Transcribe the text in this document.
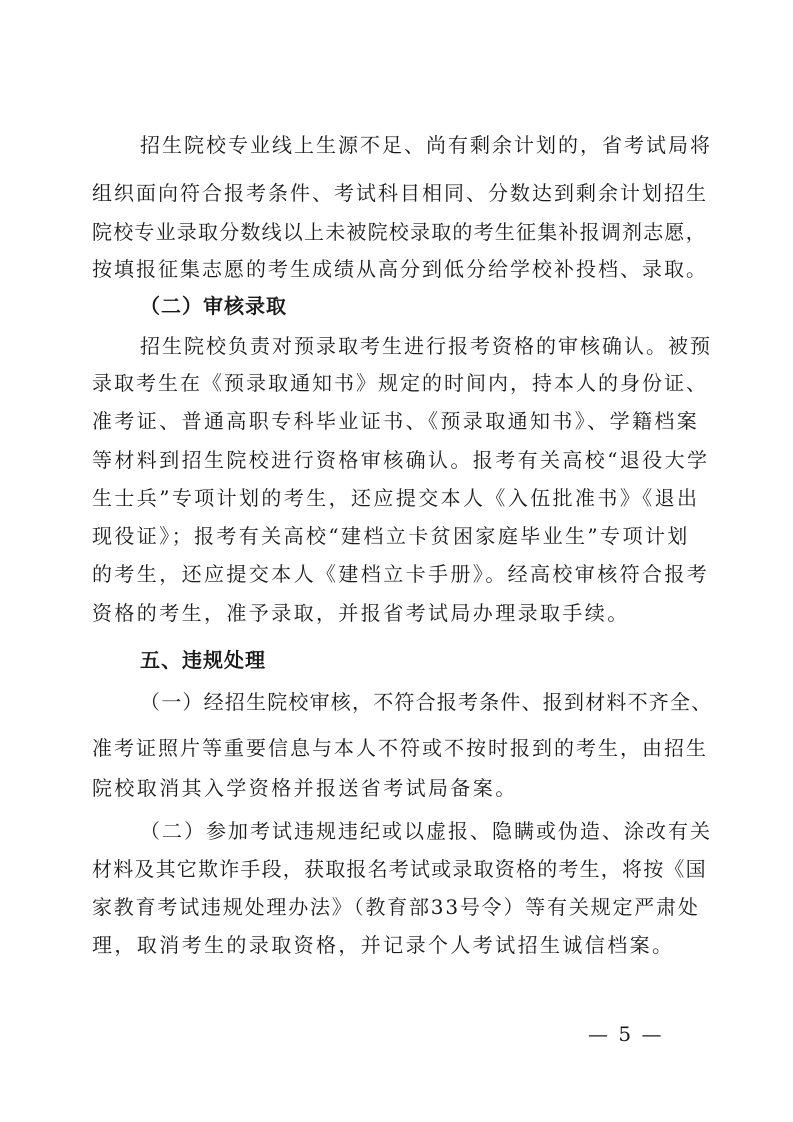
招生院校专业线上生源不足、尚有剩余计划的，省考试局将
组织面向符合报考条件、考试科目相同、分数达到剩余计划招生
院校专业录取分数线以上未被院校录取的考生征集补报调剂志愿，
按填报征集志愿的考生成绩从高分到低分给学校补投档、录取。
（二）审核录取
招生院校负责对预录取考生进行报考资格的审核确认。被预
录取考生在《预录取通知书》规定的时间内，持本人的身份证、
准考证、普通高职专科毕业证书、《预录取通知书》、学籍档案
等材料到招生院校进行资格审核确认。报考有关高校“退役大学
生士兵”专项计划的考生，还应提交本人《入伍批准书》《退出
现役证》；报考有关高校“建档立卡贫困家庭毕业生”专项计划
的考生，还应提交本人《建档立卡手册》。经高校审核符合报考
资格的考生，准予录取，并报省考试局办理录取手续。
五、违规处理
（一）经招生院校审核，不符合报考条件、报到材料不齐全、
准考证照片等重要信息与本人不符或不按时报到的考生，由招生
院校取消其入学资格并报送省考试局备案。
（二）参加考试违规违纪或以虚报、隐瞒或伪造、涂改有关
材料及其它欺诈手段，获取报名考试或录取资格的考生，将按《国
家教育考试违规处理办法》（教育部33号令）等有关规定严肃处
理，取消考生的录取资格，并记录个人考试招生诚信档案。
— 5 —
